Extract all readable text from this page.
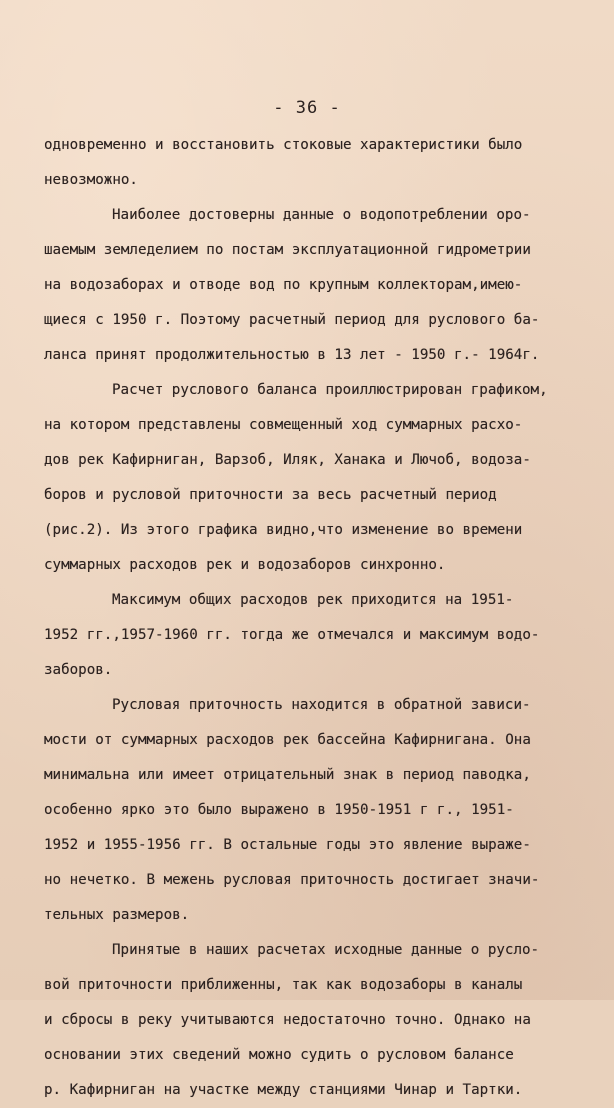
- 36 -

одновременно и восстановить стоковые характеристики было

невозможно.

Наиболее достоверны данные о водопотреблении оро-

шаемым земледелием по постам эксплуатационной гидрометрии

на водозаборах и отводе вод по крупным коллекторам,имею-

щиеся с 1950 г. Поэтому расчетный период для руслового ба-

ланса принят продолжительностью в 13 лет - 1950 г.- 1964г.

Расчет руслового баланса проиллюстрирован графиком,

на котором представлены совмещенный ход суммарных расхо-

дов рек Кафирниган, Варзоб, Иляк, Ханака и Лючоб, водоза-

боров и русловой приточности за весь расчетный период

(рис.2). Из этого графика видно,что изменение во времени

суммарных расходов рек и водозаборов синхронно.

Максимум общих расходов рек приходится на 1951-

1952 гг.,1957-1960 гг. тогда же отмечался и максимум водо-

заборов.

Русловая приточность находится в обратной зависи-

мости от суммарных расходов рек бассейна Кафирнигана. Она

минимальна или имеет отрицательный знак в период паводка,

особенно ярко это было выражено в 1950-1951 г г., 1951-

1952 и 1955-1956 гг. В остальные годы это явление выраже-

но нечетко. В межень русловая приточность достигает значи-

тельных размеров.

Принятые в наших расчетах исходные данные о руслo-

вой приточности приближенны, так как водозаборы в каналы

и сбросы в реку учитываются недостаточно точно. Однако на

основании этих сведений можно судить о русловом балансе

р. Кафирниган на участке между станциями Чинар и Тартки.
